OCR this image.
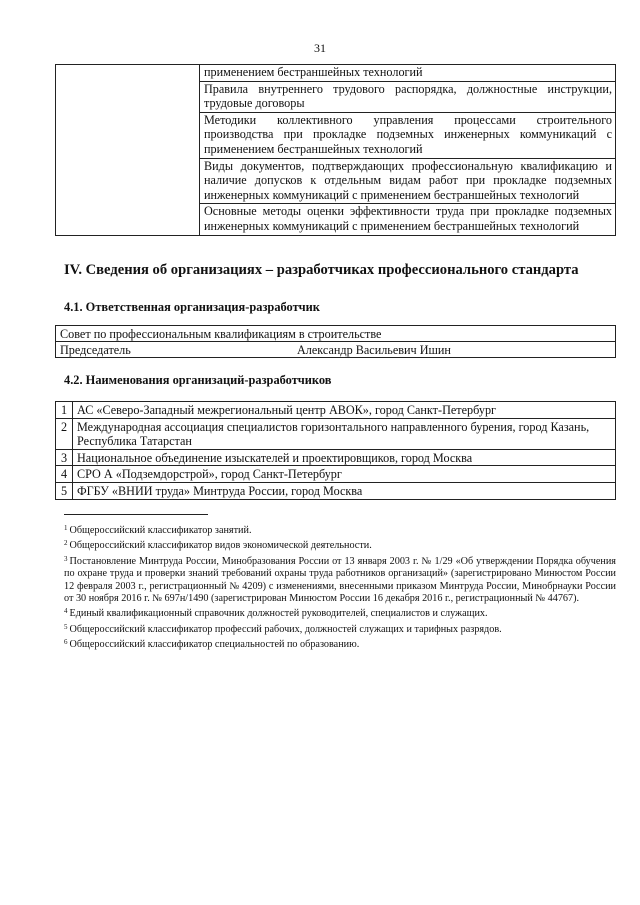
31
	применением бестраншейных технологий
Правила внутреннего трудового распорядка, должностные инструкции, трудовые договоры
Методики коллективного управления процессами строительного производства при прокладке подземных инженерных коммуникаций с применением бестраншейных технологий
Виды документов, подтверждающих профессиональную квалификацию и наличие допусков к отдельным видам работ при прокладке подземных инженерных коммуникаций с применением бестраншейных технологий
Основные методы оценки эффективности труда при прокладке подземных инженерных коммуникаций с применением бестраншейных технологий
IV. Сведения об организациях – разработчиках профессионального стандарта
4.1. Ответственная организация-разработчик
Совет по профессиональным квалификациям в строительстве

Председатель	Александр Васильевич Ишин
4.2. Наименования организаций-разработчиков
1	АС «Северо-Западный межрегиональный центр АВОК», город Санкт-Петербург
2	Международная ассоциация специалистов горизонтального направленного бурения, город Казань, Республика Татарстан
3	Национальное объединение изыскателей и проектировщиков, город Москва
4	СРО А «Подземдорстрой», город Санкт-Петербург
5	ФГБУ «ВНИИ труда» Минтруда России, город Москва

$^1$ Общероссийский классификатор занятий.

$^2$ Общероссийский классификатор видов экономической деятельности.

$^3$ Постановление Минтруда России, Минобразования России от 13 января 2003 г. № 1/29 «Об утверждении Порядка обучения по охране труда и проверки знаний требований охраны труда работников организаций» (зарегистрировано Минюстом России 12 февраля 2003 г., регистрационный № 4209) с изменениями, внесенными приказом Минтруда России, Минобрнауки России от 30 ноября 2016 г. № 697н/1490 (зарегистрирован Минюстом России 16 декабря 2016 г., регистрационный № 44767).

$^4$ Единый квалификационный справочник должностей руководителей, специалистов и служащих.

$^5$ Общероссийский классификатор профессий рабочих, должностей служащих и тарифных разрядов.

$^6$ Общероссийский классификатор специальностей по образованию.
